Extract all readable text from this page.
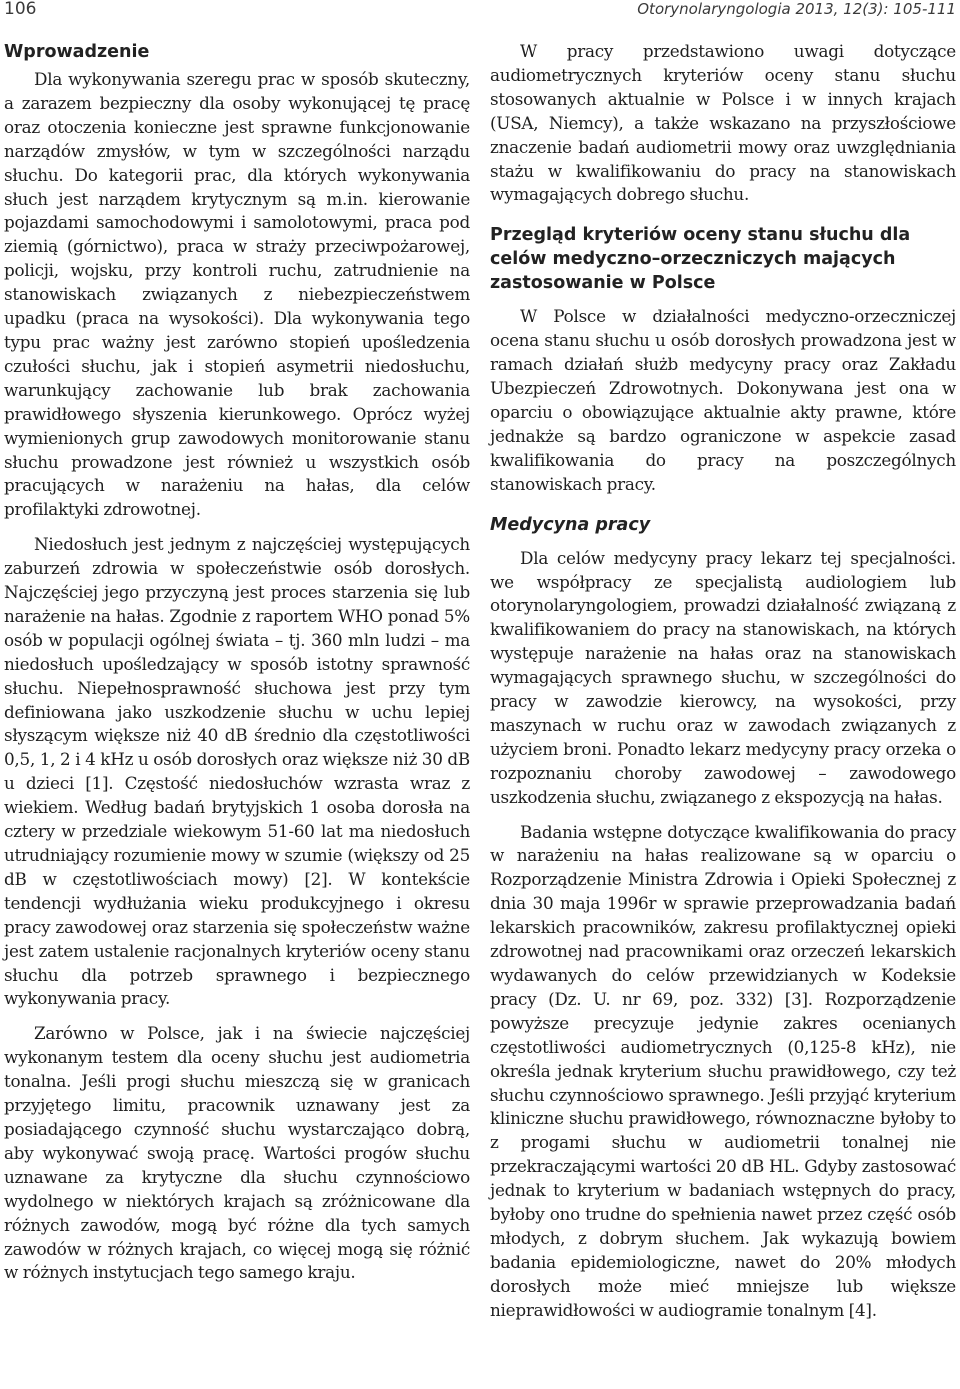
106	Otorynolaryngologia 2013, 12(3): 105-111
Wprowadzenie

Dla wykonywania szeregu prac w sposób skuteczny, a zarazem bezpieczny dla osoby wykonującej tę pracę oraz otoczenia konieczne jest sprawne funkcjonowanie narządów zmysłów, w tym w szczególności narządu słuchu. Do kategorii prac, dla których wykonywania słuch jest narządem krytycznym są m.in. kierowanie pojazdami samochodowymi i samolotowymi, praca pod ziemią (górnictwo), praca w straży przeciwpożarowej, policji, wojsku, przy kontroli ruchu, zatrudnienie na stanowiskach związanych z niebezpieczeństwem upadku (praca na wysokości). Dla wykonywania tego typu prac ważny jest zarówno stopień upośledzenia czułości słuchu, jak i stopień asymetrii niedosłuchu, warunkujący zachowanie lub brak zachowania prawidłowego słyszenia kierunkowego. Oprócz wyżej wymienionych grup zawodowych monitorowanie stanu słuchu prowadzone jest również u wszystkich osób pracujących w narażeniu na hałas, dla celów profilaktyki zdrowotnej.

Niedosłuch jest jednym z najczęściej występujących zaburzeń zdrowia w społeczeństwie osób dorosłych. Najczęściej jego przyczyną jest proces starzenia się lub narażenie na hałas. Zgodnie z raportem WHO ponad 5% osób w populacji ogólnej świata – tj. 360 mln ludzi – ma niedosłuch upośledzający w sposób istotny sprawność słuchu. Niepełnosprawność słuchowa jest przy tym definiowana jako uszkodzenie słuchu w uchu lepiej słyszącym większe niż 40 dB średnio dla częstotliwości 0,5, 1, 2 i 4 kHz u osób dorosłych oraz większe niż 30 dB u dzieci [1]. Częstość niedosłuchów wzrasta wraz z wiekiem. Według badań brytyjskich 1 osoba dorosła na cztery w przedziale wiekowym 51-60 lat ma niedosłuch utrudniający rozumienie mowy w szumie (większy od 25 dB w częstotliwościach mowy) [2]. W kontekście tendencji wydłużania wieku produkcyjnego i okresu pracy zawodowej oraz starzenia się społeczeństw ważne jest zatem ustalenie racjonalnych kryteriów oceny stanu słuchu dla potrzeb sprawnego i bezpiecznego wykonywania pracy.

Zarówno w Polsce, jak i na świecie najczęściej wykonanym testem dla oceny słuchu jest audiometria tonalna. Jeśli progi słuchu mieszczą się w granicach przyjętego limitu, pracownik uznawany jest za posiadającego czynność słuchu wystarczająco dobrą, aby wykonywać swoją pracę. Wartości progów słuchu uznawane za krytyczne dla słuchu czynnościowo wydolnego w niektórych krajach są zróżnicowane dla różnych zawodów, mogą być różne dla tych samych zawodów w różnych krajach, co więcej mogą się różnić w różnych instytucjach tego samego kraju.

W pracy przedstawiono uwagi dotyczące audiometrycznych kryteriów oceny stanu słuchu stosowanych aktualnie w Polsce i w innych krajach (USA, Niemcy), a także wskazano na przyszłościowe znaczenie badań audiometrii mowy oraz uwzględniania stażu w kwalifikowaniu do pracy na stanowiskach wymagających dobrego słuchu.

Przegląd kryteriów oceny stanu słuchu dla celów medyczno–orzeczniczych mających zastosowanie w Polsce

W Polsce w działalności medyczno-orzeczniczej ocena stanu słuchu u osób dorosłych prowadzona jest w ramach działań służb medycyny pracy oraz Zakładu Ubezpieczeń Zdrowotnych. Dokonywana jest ona w oparciu o obowiązujące aktualnie akty prawne, które jednakże są bardzo ograniczone w aspekcie zasad kwalifikowania do pracy na poszczególnych stanowiskach pracy.

Medycyna pracy

Dla celów medycyny pracy lekarz tej specjalności. we współpracy ze specjalistą audiologiem lub otorynolaryngologiem, prowadzi działalność związaną z kwalifikowaniem do pracy na stanowiskach, na których występuje narażenie na hałas oraz na stanowiskach wymagających sprawnego słuchu, w szczególności do pracy w zawodzie kierowcy, na wysokości, przy maszynach w ruchu oraz w zawodach związanych z użyciem broni. Ponadto lekarz medycyny pracy orzeka o rozpoznaniu choroby zawodowej – zawodowego uszkodzenia słuchu, związanego z ekspozycją na hałas.

Badania wstępne dotyczące kwalifikowania do pracy w narażeniu na hałas realizowane są w oparciu o Rozporządzenie Ministra Zdrowia i Opieki Społecznej z dnia 30 maja 1996r w sprawie przeprowadzania badań lekarskich pracowników, zakresu profilaktycznej opieki zdrowotnej nad pracownikami oraz orzeczeń lekarskich wydawanych do celów przewidzianych w Kodeksie pracy (Dz. U. nr 69, poz. 332) [3]. Rozporządzenie powyższe precyzuje jedynie zakres ocenianych częstotliwości audiometrycznych (0,125-8 kHz), nie określa jednak kryterium słuchu prawidłowego, czy też słuchu czynnościowo sprawnego. Jeśli przyjąć kryterium kliniczne słuchu prawidłowego, równoznaczne byłoby to z progami słuchu w audiometrii tonalnej nie przekraczającymi wartości 20 dB HL. Gdyby zastosować jednak to kryterium w badaniach wstępnych do pracy, byłoby ono trudne do spełnienia nawet przez część osób młodych, z dobrym słuchem. Jak wykazują bowiem badania epidemiologiczne, nawet do 20% młodych dorosłych może mieć mniejsze lub większe nieprawidłowości w audiogramie tonalnym [4].
